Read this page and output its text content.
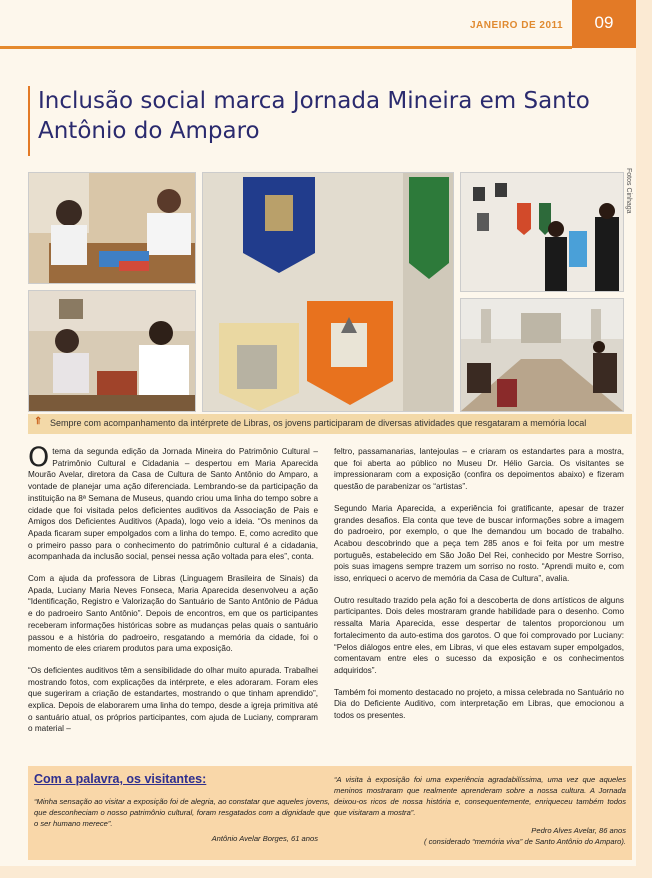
JANEIRO DE 2011	09
Inclusão social marca Jornada Mineira em Santo Antônio do Amparo
Fotos Cinhaga
⇑ Sempre com acompanhamento da intérprete de Libras, os jovens participaram de diversas atividades que resgataram a memória local

Otema da segunda edição da Jornada Mineira do Patrimônio Cultural – Patrimônio Cultural e Cidadania – despertou em Maria Aparecida Mourão Avelar, diretora da Casa de Cultura de Santo Antônio do Amparo, a vontade de planejar uma ação diferenciada. Lembrando-se da participação da instituição na 8ª Semana de Museus, quando criou uma linha do tempo sobre a cidade que foi visitada pelos deficientes auditivos da Associação de Pais e Amigos dos Deficientes Auditivos (Apada), logo veio a ideia. “Os meninos da Apada ficaram super empolgados com a linha do tempo. E, como acredito que o primeiro passo para o conhecimento do patrimônio cultural é a cidadania, acompanhada da inclusão social, pensei nessa ação voltada para eles”, conta.

Com a ajuda da professora de Libras (Linguagem Brasileira de Sinais) da Apada, Luciany Maria Neves Fonseca, Maria Aparecida desenvolveu a ação “Identificação, Registro e Valorização do Santuário de Santo Antônio de Pádua e do padroeiro Santo Antônio”. Depois de encontros, em que os participantes receberam informações históricas sobre as mudanças pelas quais o santuário passou e a história do padroeiro, resgatando a memória da cidade, foi o momento de eles criarem produtos para uma exposição.

“Os deficientes auditivos têm a sensibilidade do olhar muito apurada. Trabalhei mostrando fotos, com explicações da intérprete, e eles adoraram. Foram eles que sugeriram a criação de estandartes, mostrando o que tinham aprendido”, explica. Depois de elaborarem uma linha do tempo, desde a igreja primitiva até o santuário atual, os próprios participantes, com ajuda de Luciany, compraram o material –

feltro, passamanarias, lantejoulas – e criaram os estandartes para a mostra, que foi aberta ao público no Museu Dr. Hélio Garcia. Os visitantes se impressionaram com a exposição (confira os depoimentos abaixo) e fizeram questão de parabenizar os “artistas”.

Segundo Maria Aparecida, a experiência foi gratificante, apesar de trazer grandes desafios. Ela conta que teve de buscar informações sobre a imagem do padroeiro, por exemplo, o que lhe demandou um bocado de trabalho. Acabou descobrindo que a peça tem 285 anos e foi feita por um mestre português, estabelecido em São João Del Rei, conhecido por Mestre Sorriso, pois suas imagens sempre trazem um sorriso no rosto. “Aprendi muito e, com isso, enriqueci o acervo de memória da Casa de Cultura”, avalia.

Outro resultado trazido pela ação foi a descoberta de dons artísticos de alguns participantes. Dois deles mostraram grande habilidade para o desenho. Como ressalta Maria Aparecida, esse despertar de talentos proporcionou um fortalecimento da auto-estima dos garotos. O que foi comprovado por Luciany: “Pelos diálogos entre eles, em Libras, vi que eles estavam super empolgados, comentavam entre eles o sucesso da exposição e os conhecimentos adquiridos”.

Também foi momento destacado no projeto, a missa celebrada no Santuário no Dia do Deficiente Auditivo, com interpretação em Libras, que emocionou a todos os presentes.

Com a palavra, os visitantes:
“Minha sensação ao visitar a exposição foi de alegria, ao constatar que aqueles jovens, que desconheciam o nosso patrimônio cultural, foram resgatados com a dignidade que o ser humano merece”.
Antônio Avelar Borges, 61 anos
“A visita à exposição foi uma experiência agradabilíssima, uma vez que aqueles meninos mostraram que realmente aprenderam sobre a nossa cultura. A Jornada deixou-os ricos de nossa história e, consequentemente, enriqueceu também todos que visitaram a mostra”.
Pedro Alves Avelar, 86 anos
( considerado “memória viva” de Santo Antônio do Amparo).
